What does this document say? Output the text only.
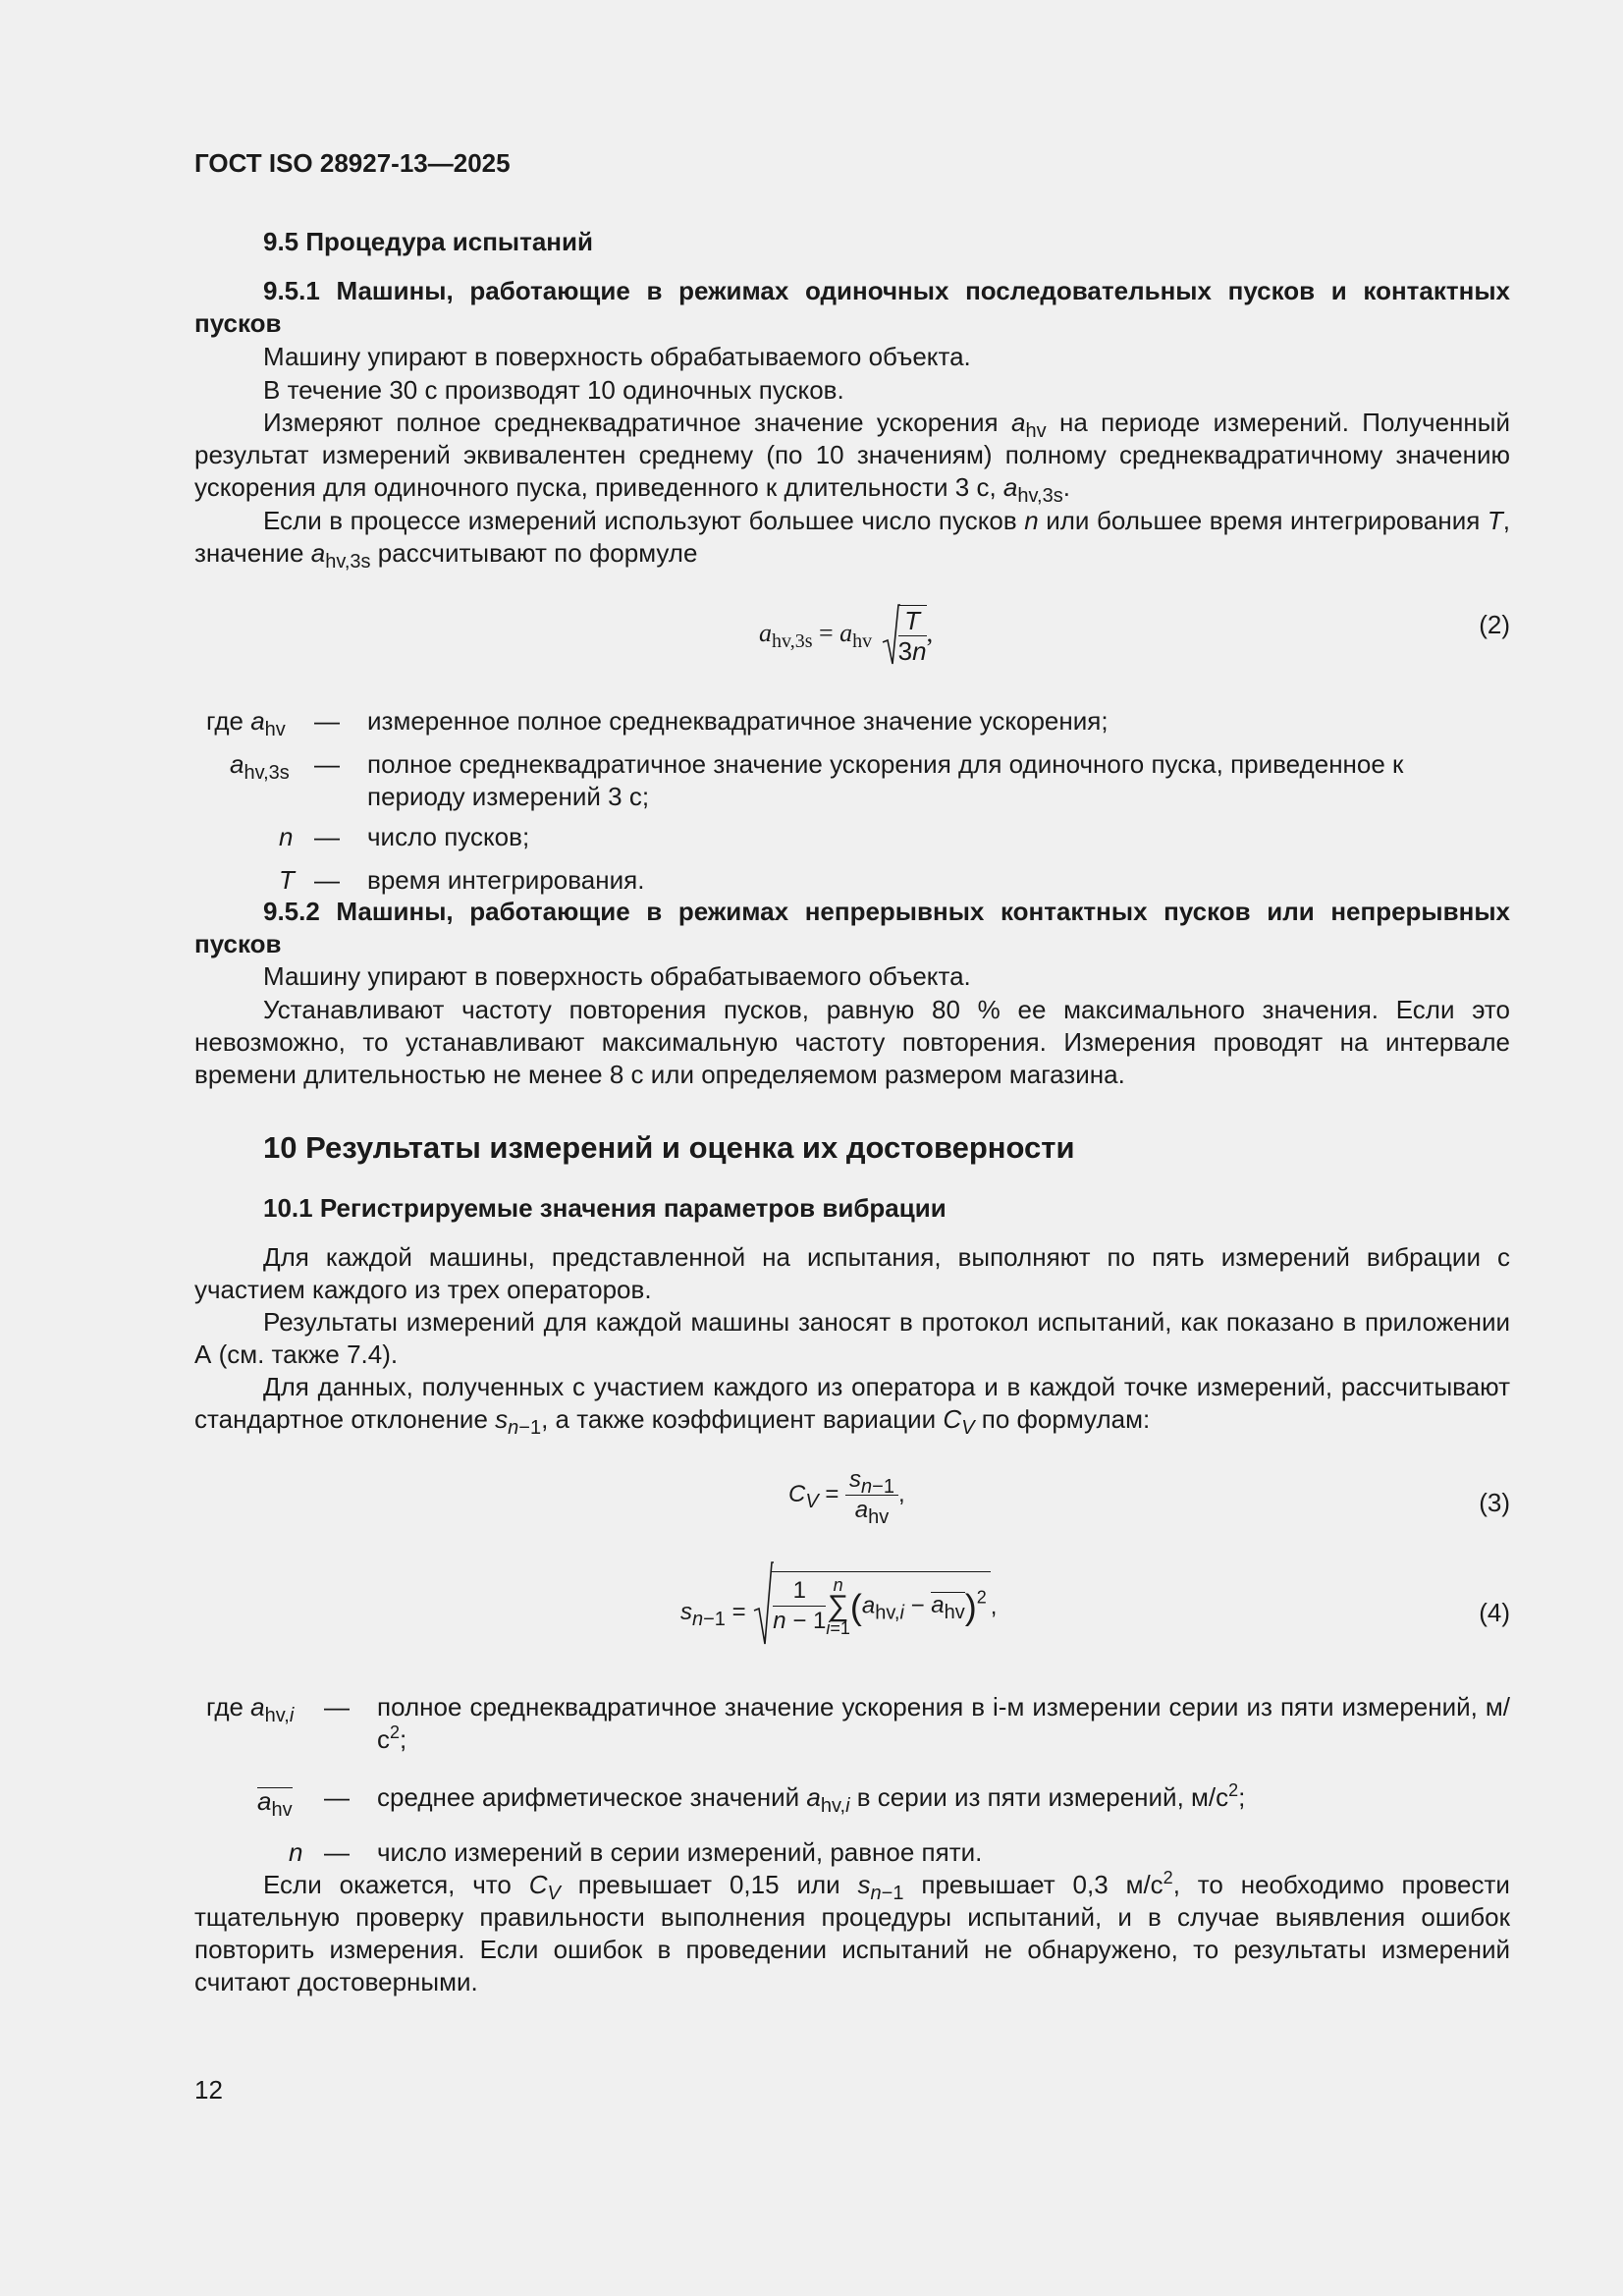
ГОСТ ISO 28927-13—2025
9.5 Процедура испытаний
9.5.1 Машины, работающие в режимах одиночных последовательных пусков и контактных пусков
Машину упирают в поверхность обрабатываемого объекта.
В течение 30 с производят 10 одиночных пусков.
Измеряют полное среднеквадратичное значение ускорения $a_{hv}$ на периоде измерений. Полученный результат измерений эквивалентен среднему (по 10 значениям) полному среднеквадратичному значению ускорения для одиночного пуска, приведенного к длительности 3 с, $a_{hv,3s}$.
Если в процессе измерений используют большее число пусков n или большее время интегрирования T, значение $a_{hv,3s}$ рассчитывают по формуле
$a_{hv,3s} = a_{hv} \frac{T}{3n}$ ,	(2)
где $a_{hv}$ — измеренное полное среднеквадратичное значение ускорения;
$a_{hv,3s}$ — полное среднеквадратичное значение ускорения для одиночного пуска, приведенное к периоду измерений 3 с;
n — число пусков;
T — время интегрирования.
9.5.2 Машины, работающие в режимах непрерывных контактных пусков или непрерывных пусков
Машину упирают в поверхность обрабатываемого объекта.
Устанавливают частоту повторения пусков, равную 80 % ее максимального значения. Если это невозможно, то устанавливают максимальную частоту повторения. Измерения проводят на интервале времени длительностью не менее 8 с или определяемом размером магазина.
10 Результаты измерений и оценка их достоверности
10.1 Регистрируемые значения параметров вибрации
Для каждой машины, представленной на испытания, выполняют по пять измерений вибрации с участием каждого из трех операторов.
Результаты измерений для каждой машины заносят в протокол испытаний, как показано в приложении А (см. также 7.4).
Для данных, полученных с участием каждого из оператора и в каждой точке измерений, рассчитывают стандартное отклонение $s_{n-1}$, а также коэффициент вариации $C_V$ по формулам:
$C_V = \frac{s_{n-1}}{a_{hv}}$ ,	(3)
$s_{n-1} = \frac{1}{n - 1}$ n
∑
i=1
$(a_{hv,i} - a_{hv})^2$ ,	(4)
где $a_{hv,i}$ — полное среднеквадратичное значение ускорения в i-м измерении серии из пяти измерений, $м/с^2$;
$a_{hv}$ — среднее арифметическое значений $a_{hv,i}$ в серии из пяти измерений, $м/с^2$;
n — число измерений в серии измерений, равное пяти.
Если окажется, что $C_V$ превышает 0,15 или $s_{n-1}$ превышает 0,3 $м/с^2$, то необходимо провести тщательную проверку правильности выполнения процедуры испытаний, и в случае выявления ошибок повторить измерения. Если ошибок в проведении испытаний не обнаружено, то результаты измерений считают достоверными.
12
